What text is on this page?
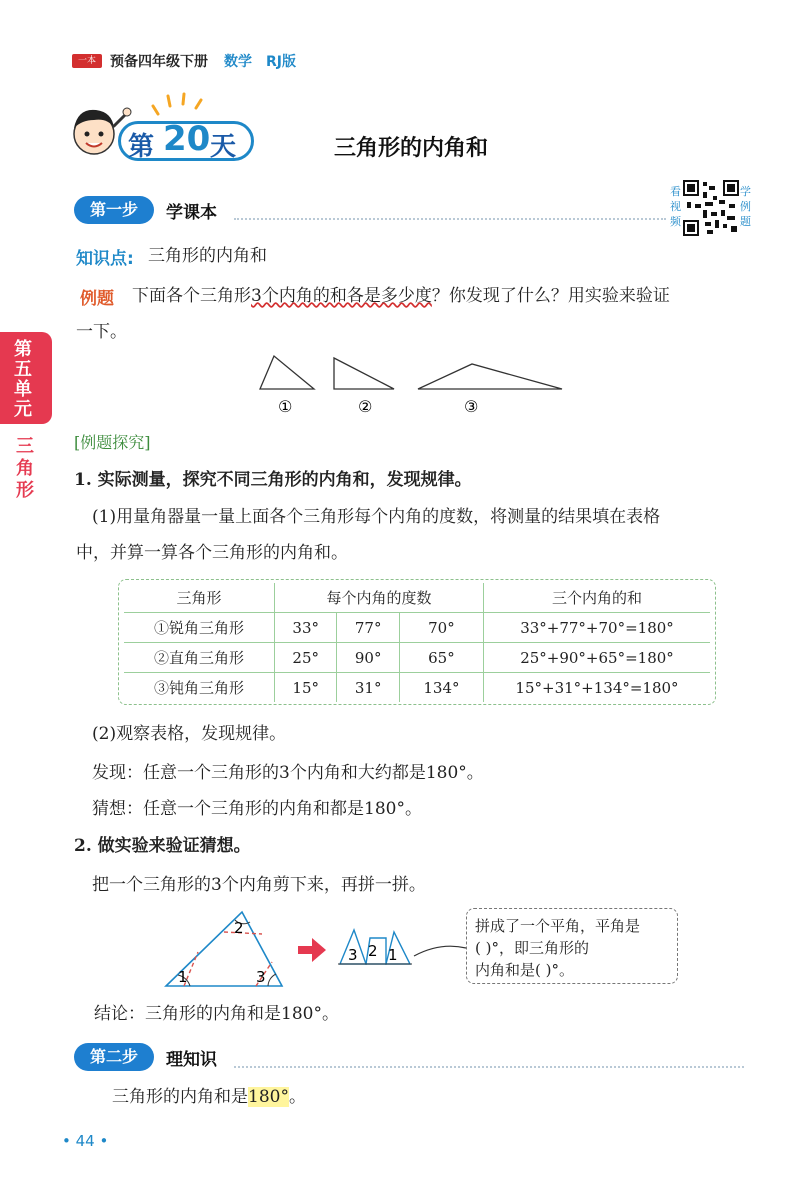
一本	预备四年级下册 数学 RJ版
第 20 天	三角形的内角和
第一步	学课本
看视频
学例题
第五单元
三角形
知识点: 三角形的内角和
例题 下面各个三角形3个内角的和各是多少度？你发现了什么？用实验来验证
一下。
①	②	③
[例题探究]
1. 实际测量，探究不同三角形的内角和，发现规律。
(1)用量角器量一量上面各个三角形每个内角的度数，将测量的结果填在表格
中，并算一算各个三角形的内角和。
三角形	每个内角的度数			三个内角的和
①锐角三角形	33°	77°	70°	33°+77°+70°=180°
②直角三角形	25°	90°	65°	25°+90°+65°=180°
③钝角三角形	15°	31°	134°	15°+31°+134°=180°
(2)观察表格，发现规律。
发现：任意一个三角形的3个内角和大约都是180°。
猜想：任意一个三角形的内角和都是180°。
2. 做实验来验证猜想。
把一个三角形的3个内角剪下来，再拼一拼。
1
2
3
3 2 1
拼成了一个平角，平角是
( )°，即三角形的
内角和是( )°。
结论：三角形的内角和是180°。
第二步	理知识
三角形的内角和是180°。
• 44 •
